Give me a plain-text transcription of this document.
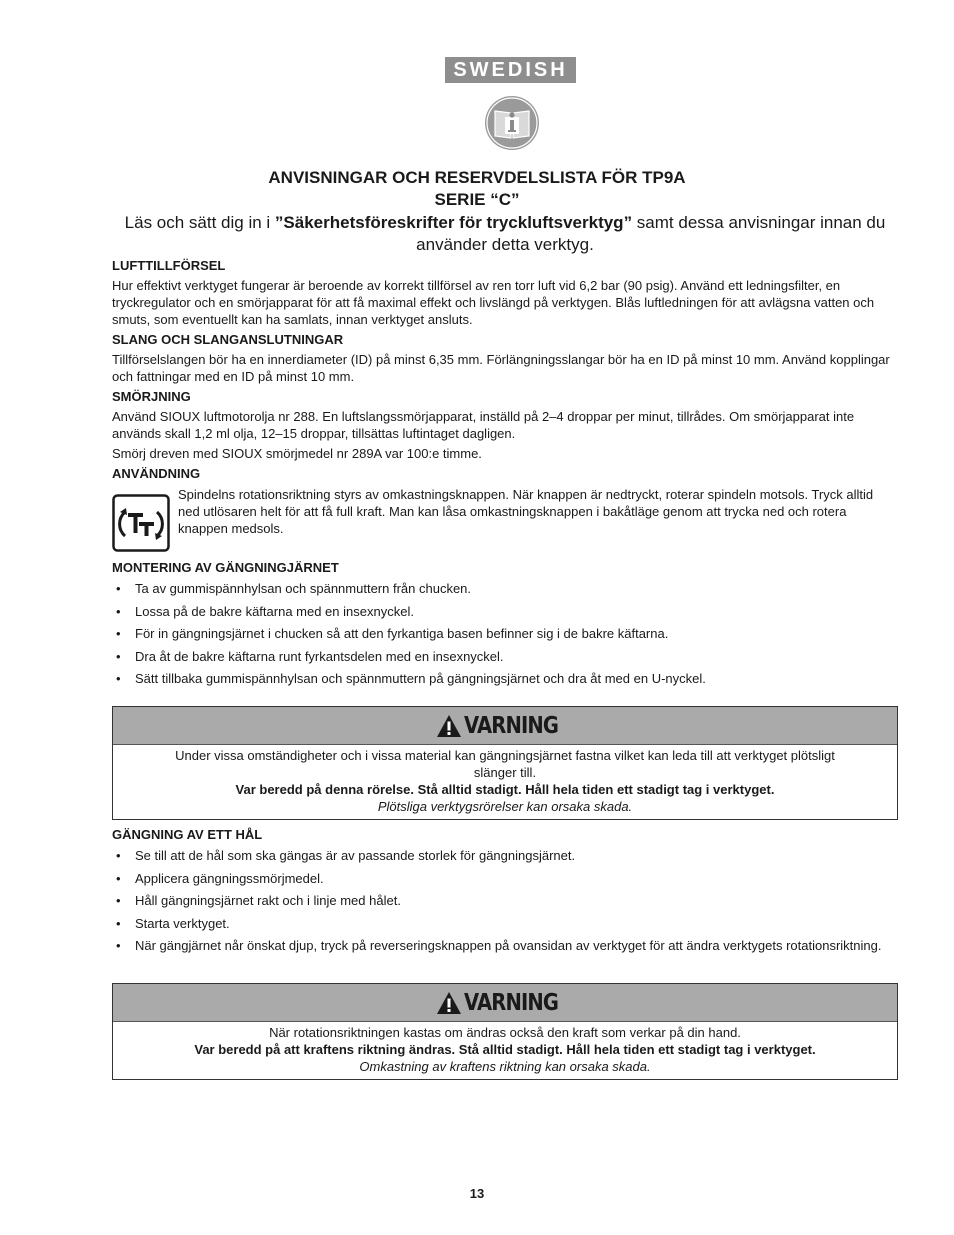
SWEDISH
ANVISNINGAR OCH RESERVDELSLISTA FÖR TP9A
SERIE “C”
Läs och sätt dig in i ”Säkerhetsföreskrifter för tryckluftsverktyg” samt dessa anvisningar innan du använder detta verktyg.
LUFTTILLFÖRSEL
Hur effektivt verktyget fungerar är beroende av korrekt tillförsel av ren torr luft vid 6,2 bar (90 psig). Använd ett ledningsfilter, en tryckregulator och en smörjapparat för att få maximal effekt och livslängd på verktygen. Blås luftledningen för att avlägsna vatten och smuts, som eventuellt kan ha samlats, innan verktyget ansluts.
SLANG OCH SLANGANSLUTNINGAR
Tillförselslangen bör ha en innerdiameter (ID) på minst 6,35 mm. Förlängningsslangar bör ha en ID på minst 10 mm. Använd kopplingar och fattningar med en ID på minst 10 mm.
SMÖRJNING
Använd SIOUX luftmotorolja nr 288. En luftslangssmörjapparat, inställd på 2–4 droppar per minut, tillrådes. Om smörjapparat inte används skall 1,2 ml olja, 12–15 droppar, tillsättas luftintaget dagligen.
Smörj dreven med SIOUX smörjmedel nr 289A var 100:e timme.
ANVÄNDNING
Spindelns rotationsriktning styrs av omkastningsknappen. När knappen är nedtryckt, roterar spindeln motsols. Tryck alltid ned utlösaren helt för att få full kraft. Man kan låsa omkastningsknappen i bakåtläge genom att trycka ned och rotera knappen medsols.
MONTERING AV GÄNGNINGJÄRNET
• Ta av gummispännhylsan och spännmuttern från chucken.
• Lossa på de bakre käftarna med en insexnyckel.
• För in gängningsjärnet i chucken så att den fyrkantiga basen befinner sig i de bakre käftarna.
• Dra åt de bakre käftarna runt fyrkantsdelen med en insexnyckel.
• Sätt tillbaka gummispännhylsan och spännmuttern på gängningsjärnet och dra åt med en U-nyckel.
VARNING
Under vissa omständigheter och i vissa material kan gängningsjärnet fastna vilket kan leda till att verktyget plötsligt slänger till.
Var beredd på denna rörelse. Stå alltid stadigt. Håll hela tiden ett stadigt tag i verktyget.
Plötsliga verktygsrörelser kan orsaka skada.
GÄNGNING AV ETT HÅL
• Se till att de hål som ska gängas är av passande storlek för gängningsjärnet.
• Applicera gängningssmörjmedel.
• Håll gängningsjärnet rakt och i linje med hålet.
• Starta verktyget.
• När gängjärnet når önskat djup, tryck på reverseringsknappen på ovansidan av verktyget för att ändra verktygets rotationsriktning.
VARNING
När rotationsriktningen kastas om ändras också den kraft som verkar på din hand.
Var beredd på att kraftens riktning ändras. Stå alltid stadigt. Håll hela tiden ett stadigt tag i verktyget.
Omkastning av kraftens riktning kan orsaka skada.
13
